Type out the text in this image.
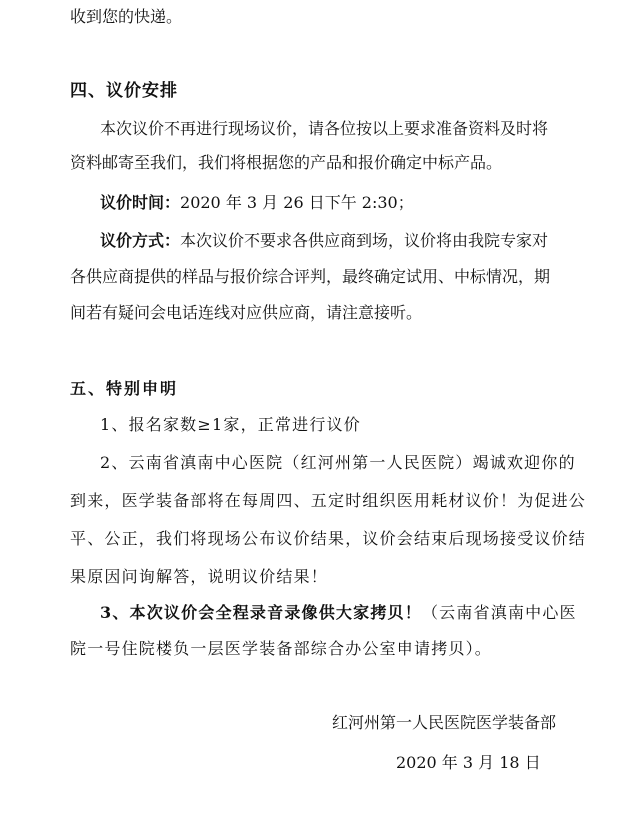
收到您的快递。
四、议价安排
本次议价不再进行现场议价，请各位按以上要求准备资料及时将
资料邮寄至我们，我们将根据您的产品和报价确定中标产品。
议价时间：2020 年 3 月 26 日下午 2:30；
议价方式：本次议价不要求各供应商到场，议价将由我院专家对
各供应商提供的样品与报价综合评判，最终确定试用、中标情况，期
间若有疑问会电话连线对应供应商，请注意接听。
五、特别申明
1、报名家数≥1家，正常进行议价
2、云南省滇南中心医院（红河州第一人民医院）竭诚欢迎你的
到来，医学装备部将在每周四、五定时组织医用耗材议价！为促进公
平、公正，我们将现场公布议价结果，议价会结束后现场接受议价结
果原因问询解答，说明议价结果！
3、本次议价会全程录音录像供大家拷贝！（云南省滇南中心医
院一号住院楼负一层医学装备部综合办公室申请拷贝）。
红河州第一人民医院医学装备部
2020 年 3 月 18 日
